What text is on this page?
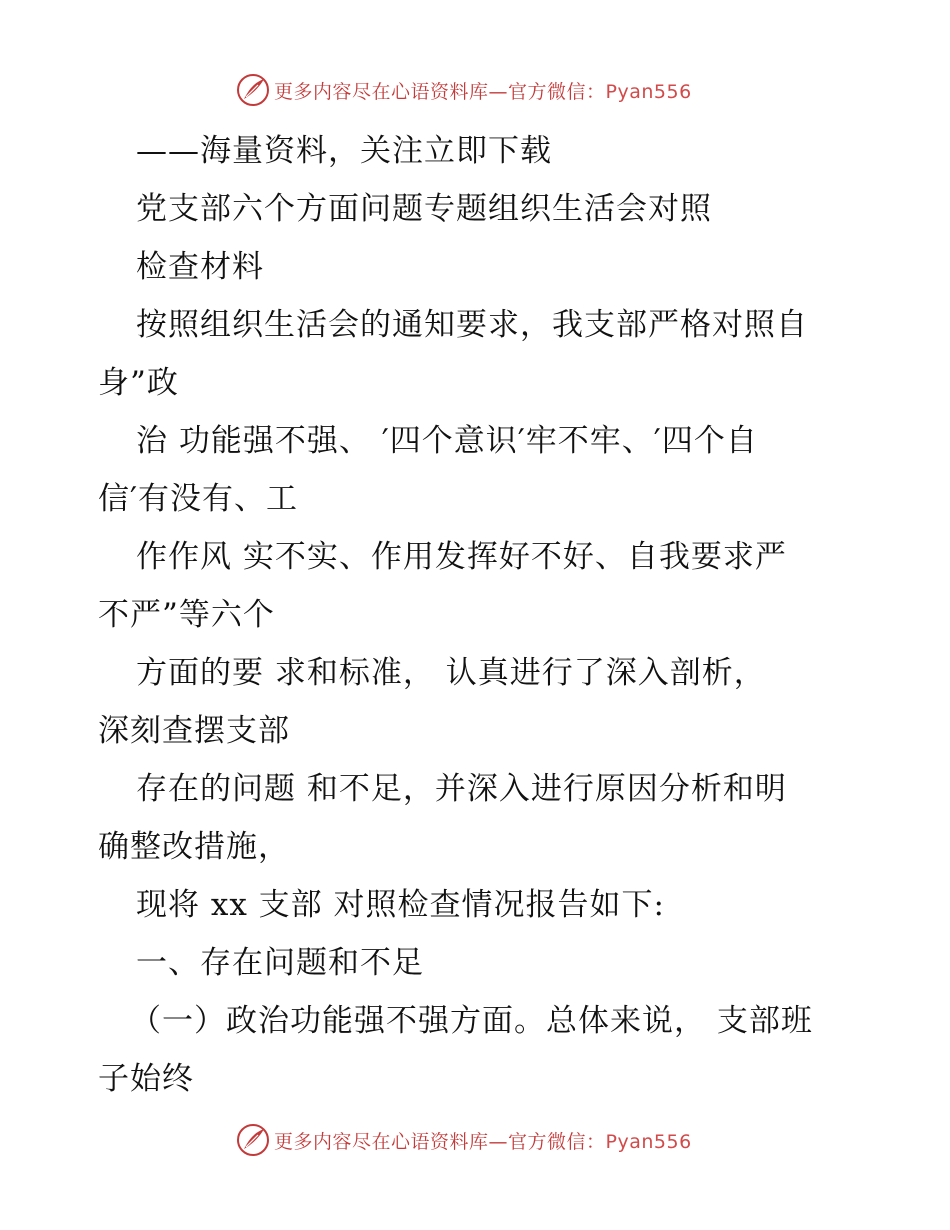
更多内容尽在心语资料库—官方微信：Pyan556
——海量资料，关注立即下载
党支部六个方面问题专题组织生活会对照
检查材料
按照组织生活会的通知要求，我支部严格对照自
身”政
治 功能强不强、 ′四个意识′牢不牢、′四个自
信′有没有、工
作作风 实不实、作用发挥好不好、自我要求严
不严”等六个
方面的要 求和标准， 认真进行了深入剖析，
深刻查摆支部
存在的问题 和不足，并深入进行原因分析和明
确整改措施，
现将 xx 支部 对照检查情况报告如下:
一、存在问题和不足
（一）政治功能强不强方面。总体来说， 支部班
子始终
更多内容尽在心语资料库—官方微信：Pyan556
